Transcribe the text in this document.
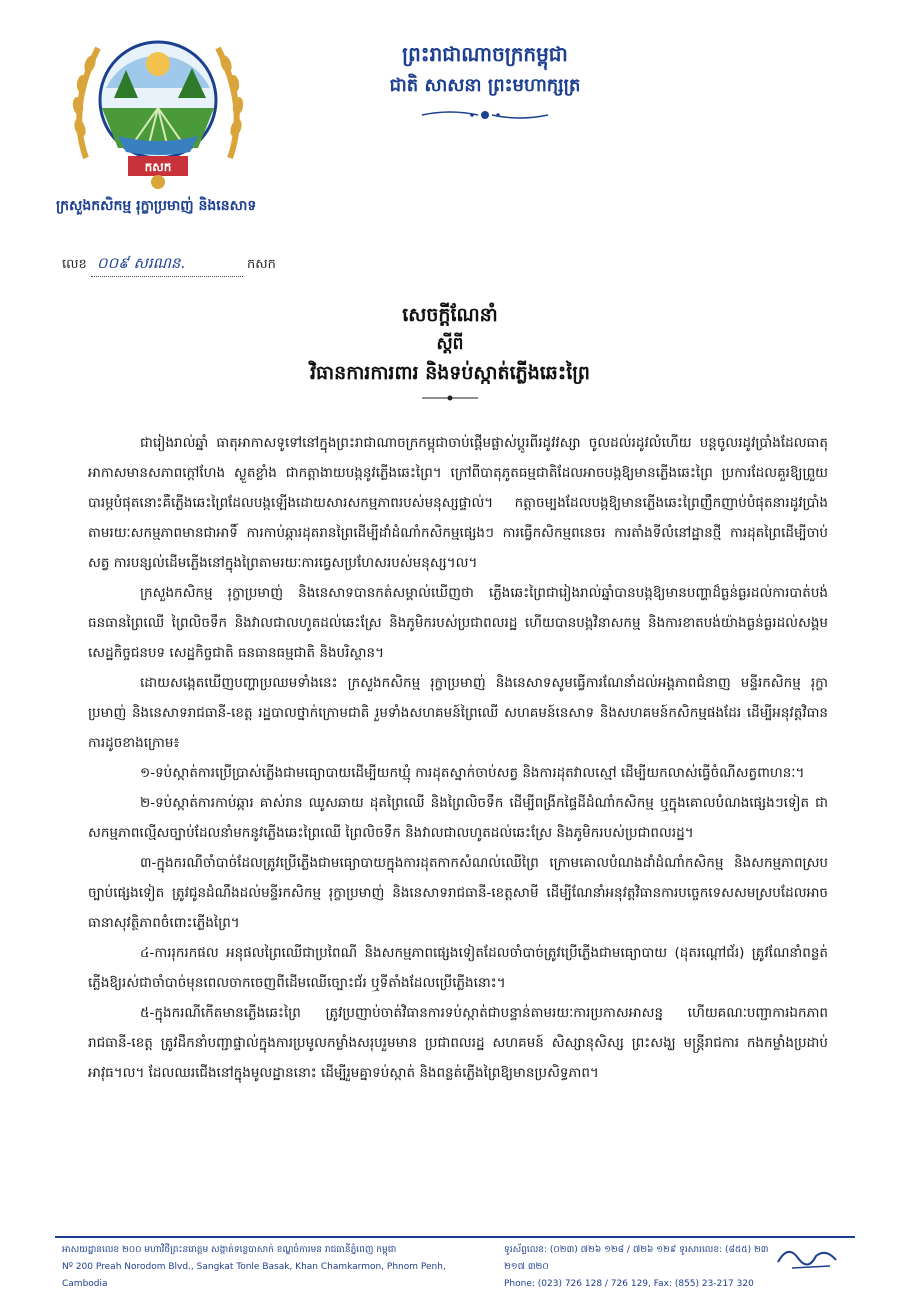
កសក
ព្រះរាជាណាចក្រកម្ពុជា
ជាតិ សាសនា ព្រះមហាក្សត្រ
ក្រសួងកសិកម្ម រុក្ខាប្រមាញ់ និងនេសាទ
លេខ ០០៩ សរណន.	កសក
សេចក្តីណែនាំ
ស្តីពី
វិធានការការពារ និងទប់ស្កាត់ភ្លើងឆេះព្រៃ

ជារៀងរាល់ឆ្នាំ ធាតុអាកាសទូទៅនៅក្នុងព្រះរាជាណាចក្រកម្ពុជាចាប់ផ្តើមផ្លាស់ប្តូរពីរដូវវស្សា ចូលដល់រដូវលំហើយ បន្តចូលរដូវប្រាំងដែលធាតុអាកាសមានសភាពក្តៅហែង ស្ងួតខ្លាំង ជាកត្តាងាយបង្កនូវភ្លើងឆេះព្រៃ។ ក្រៅពីបាតុភូតធម្មជាតិដែលអាចបង្កឱ្យមានភ្លើងឆេះព្រៃ ប្រការដែលគួរឱ្យព្រួយបារម្ភបំផុតនោះគឺភ្លើងឆេះព្រៃដែលបង្កឡើងដោយសារសកម្មភាពរបស់មនុស្សផ្ទាល់។ កត្តាចម្បងដែលបង្កឱ្យមានភ្លើងឆេះព្រៃញឹកញាប់បំផុតនារដូវប្រាំង តាមរយៈសកម្មភាពមានជាអាទិ៍ ការកាប់ឆ្ការដុតរានព្រៃដើម្បីដាំដំណាំកសិកម្មផ្សេងៗ ការធ្វើកសិកម្មពនេចរ ការតាំងទីលំនៅដ្ឋានថ្មី ការដុតព្រៃដើម្បីចាប់សត្វ ការបន្សល់ដើមភ្លើងនៅក្នុងព្រៃតាមរយៈការធ្វេសប្រហែសរបស់មនុស្ស។ល។

ក្រសួងកសិកម្ម រុក្ខាប្រមាញ់ និងនេសាទបានកត់សម្គាល់ឃើញថា ភ្លើងឆេះព្រៃជារៀងរាល់ឆ្នាំបានបង្កឱ្យមានបញ្ហាដ៏ធ្ងន់ធ្ងរដល់ការបាត់បង់ធនធានព្រៃឈើ ព្រៃលិចទឹក និងវាលជាលហូតដល់ឆេះស្រែ និងភូមិករបស់ប្រជាពលរដ្ឋ ហើយបានបង្កវិនាសកម្ម និងការខាតបង់យ៉ាងធ្ងន់ធ្ងរដល់សង្គម សេដ្ឋកិច្ចជនបទ សេដ្ឋកិច្ចជាតិ ធនធានធម្មជាតិ និងបរិស្ថាន។

ដោយសង្កេតឃើញបញ្ហាប្រឈមទាំងនេះ ក្រសួងកសិកម្ម រុក្ខាប្រមាញ់ និងនេសាទសូមធ្វើការណែនាំដល់អង្គភាពជំនាញ មន្ទីរកសិកម្ម រុក្ខាប្រមាញ់ និងនេសាទរាជធានី-ខេត្ត រដ្ឋបាលថ្នាក់ក្រោមជាតិ រួមទាំងសហគមន៍ព្រៃឈើ សហគមន៍នេសាទ និងសហគមន៍កសិកម្មផងដែរ ដើម្បីអនុវត្តវិធានការដូចខាងក្រោម៖

១-ទប់ស្កាត់ការប្រើប្រាស់ភ្លើងជាមធ្យោបាយដើម្បីយកឃ្មុំ ការដុតស្នាក់ចាប់សត្វ និងការដុតវាលស្មៅ ដើម្បីយកលាស់ធ្វើចំណីសត្វពាហនៈ។

២-ទប់ស្កាត់ការកាប់ឆ្ការ គាស់រាន ឈូសឆាយ ដុតព្រៃឈើ និងព្រៃលិចទឹក ដើម្បីពង្រីកផ្ទៃដីដំណាំកសិកម្ម ឬក្នុងគោលបំណងផ្សេងៗទៀត ជាសកម្មភាពល្មើសច្បាប់ដែលនាំមកនូវភ្លើងឆេះព្រៃឈើ ព្រៃលិចទឹក និងវាលជាលហូតដល់ឆេះស្រែ និងភូមិករបស់ប្រជាពលរដ្ឋ។

៣-ក្នុងករណីចាំបាច់ដែលត្រូវប្រើភ្លើងជាមធ្យោបាយក្នុងការដុតកាកសំណល់ឈើព្រៃ ក្រោមគោលបំណងដាំដំណាំកសិកម្ម និងសកម្មភាពស្របច្បាប់ផ្សេងទៀត ត្រូវជូនដំណឹងដល់មន្ទីរកសិកម្ម រុក្ខាប្រមាញ់ និងនេសាទរាជធានី-ខេត្តសាមី ដើម្បីណែនាំអនុវត្តវិធានការបច្ចេកទេសសមស្របដែលអាចធានាសុវត្ថិភាពចំពោះភ្លើងព្រៃ។

៤-ការរុករកផល អនុផលព្រៃឈើជាប្រពៃណី និងសកម្មភាពផ្សេងទៀតដែលចាំបាច់ត្រូវប្រើភ្លើងជាមធ្យោបាយ (ដុតរណ្តៅជ័រ) ត្រូវណែនាំពន្លត់ភ្លើងឱ្យរស់ជាចាំបាច់មុនពេលចាកចេញពីដើមឈើច្បោះជ័រ ឬទីតាំងដែលប្រើភ្លើងនោះ។

៥-ក្នុងករណីកើតមានភ្លើងឆេះព្រៃ ត្រូវប្រញាប់ចាត់វិធានការទប់ស្កាត់ជាបន្ទាន់តាមរយៈការប្រកាសអាសន្ន ហើយគណៈបញ្ជាការឯកភាពរាជធានី-ខេត្ត ត្រូវដឹកនាំបញ្ជាផ្ទាល់ក្នុងការប្រមូលកម្លាំងសរុបរួមមាន ប្រជាពលរដ្ឋ សហគមន៍ សិស្សានុសិស្ស ព្រះសង្ឃ មន្ត្រីរាជការ កងកម្លាំងប្រដាប់អាវុធ។ល។ ដែលឈរជើងនៅក្នុងមូលដ្ឋាននោះ ដើម្បីរួមគ្នាទប់ស្កាត់ និងពន្លត់ភ្លើងព្រៃឱ្យមានប្រសិទ្ធភាព។

អាសយដ្ឋានលេខ ២០០ មហាវិថីព្រះនរោត្តម សង្កាត់ទន្លេបាសាក់ ខណ្ឌចំការមន រាជធានីភ្នំពេញ កម្ពុជា
Nº 200 Preah Norodom Blvd., Sangkat Tonle Basak, Khan Chamkarmon, Phnom Penh, Cambodia
ទូរស័ព្ទលេខ: (០២៣) ៧២៦ ១២៨ / ៧២៦ ១២៩ ទូរសារលេខ: (៨៥៥) ២៣ ២១៧ ៣២០
Phone: (023) 726 128 / 726 129, Fax: (855) 23-217 320
